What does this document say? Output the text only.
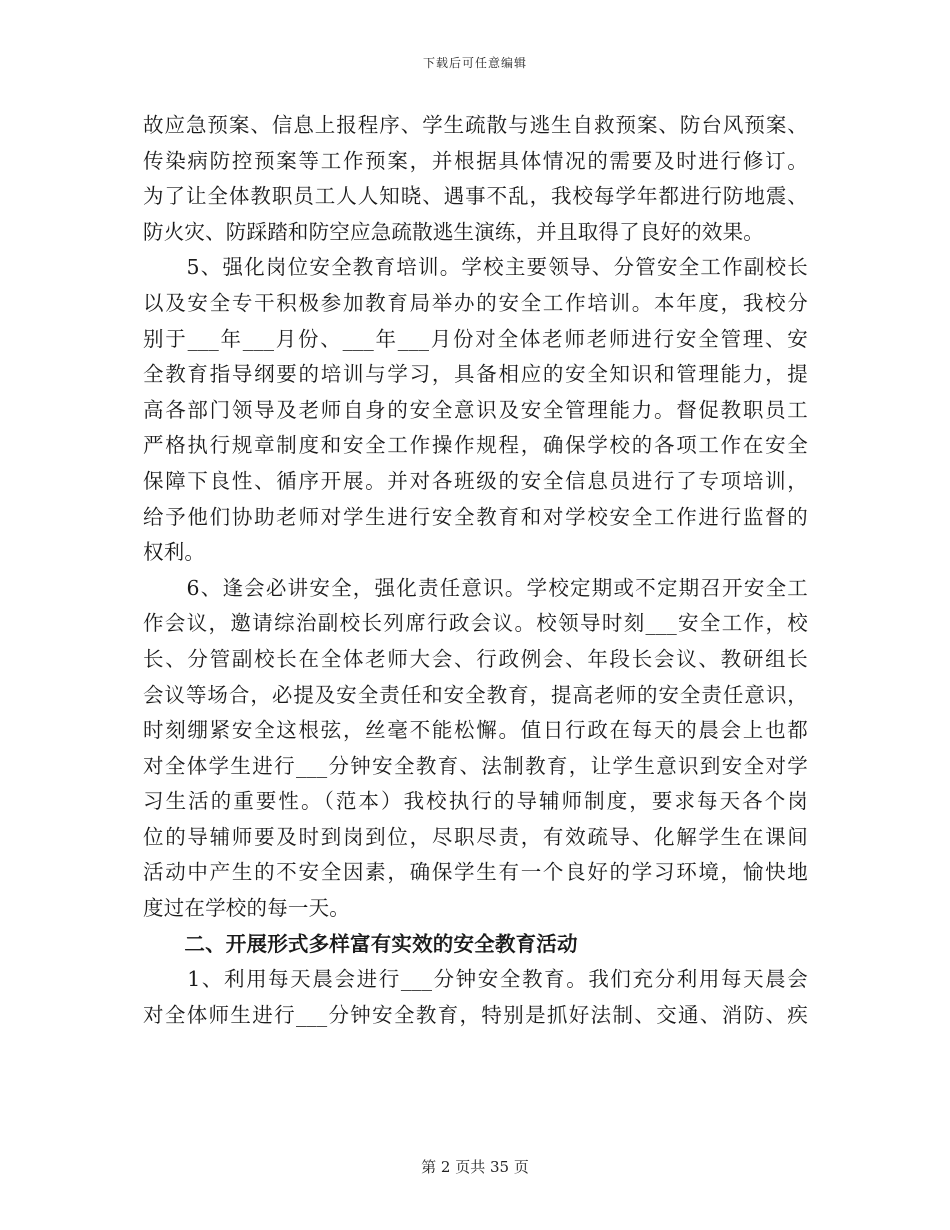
下载后可任意编辑
故应急预案、信息上报程序、学生疏散与逃生自救预案、防台风预案、
传染病防控预案等工作预案，并根据具体情况的需要及时进行修订。
为了让全体教职员工人人知晓、遇事不乱，我校每学年都进行防地震、
防火灾、防踩踏和防空应急疏散逃生演练，并且取得了良好的效果。
　　5、强化岗位安全教育培训。学校主要领导、分管安全工作副校长
以及安全专干积极参加教育局举办的安全工作培训。本年度，我校分
别于___年___月份、___年___月份对全体老师老师进行安全管理、安
全教育指导纲要的培训与学习，具备相应的安全知识和管理能力，提
高各部门领导及老师自身的安全意识及安全管理能力。督促教职员工
严格执行规章制度和安全工作操作规程，确保学校的各项工作在安全
保障下良性、循序开展。并对各班级的安全信息员进行了专项培训，
给予他们协助老师对学生进行安全教育和对学校安全工作进行监督的
权利。
　　6、逢会必讲安全，强化责任意识。学校定期或不定期召开安全工
作会议，邀请综治副校长列席行政会议。校领导时刻___安全工作，校
长、分管副校长在全体老师大会、行政例会、年段长会议、教研组长
会议等场合，必提及安全责任和安全教育，提高老师的安全责任意识，
时刻绷紧安全这根弦，丝毫不能松懈。值日行政在每天的晨会上也都
对全体学生进行___分钟安全教育、法制教育，让学生意识到安全对学
习生活的重要性。（范本）我校执行的导辅师制度，要求每天各个岗
位的导辅师要及时到岗到位，尽职尽责，有效疏导、化解学生在课间
活动中产生的不安全因素，确保学生有一个良好的学习环境，愉快地
度过在学校的每一天。
　　二、开展形式多样富有实效的安全教育活动
　　1、利用每天晨会进行___分钟安全教育。我们充分利用每天晨会
对全体师生进行___分钟安全教育，特别是抓好法制、交通、消防、疾
第 2 页共 35 页
